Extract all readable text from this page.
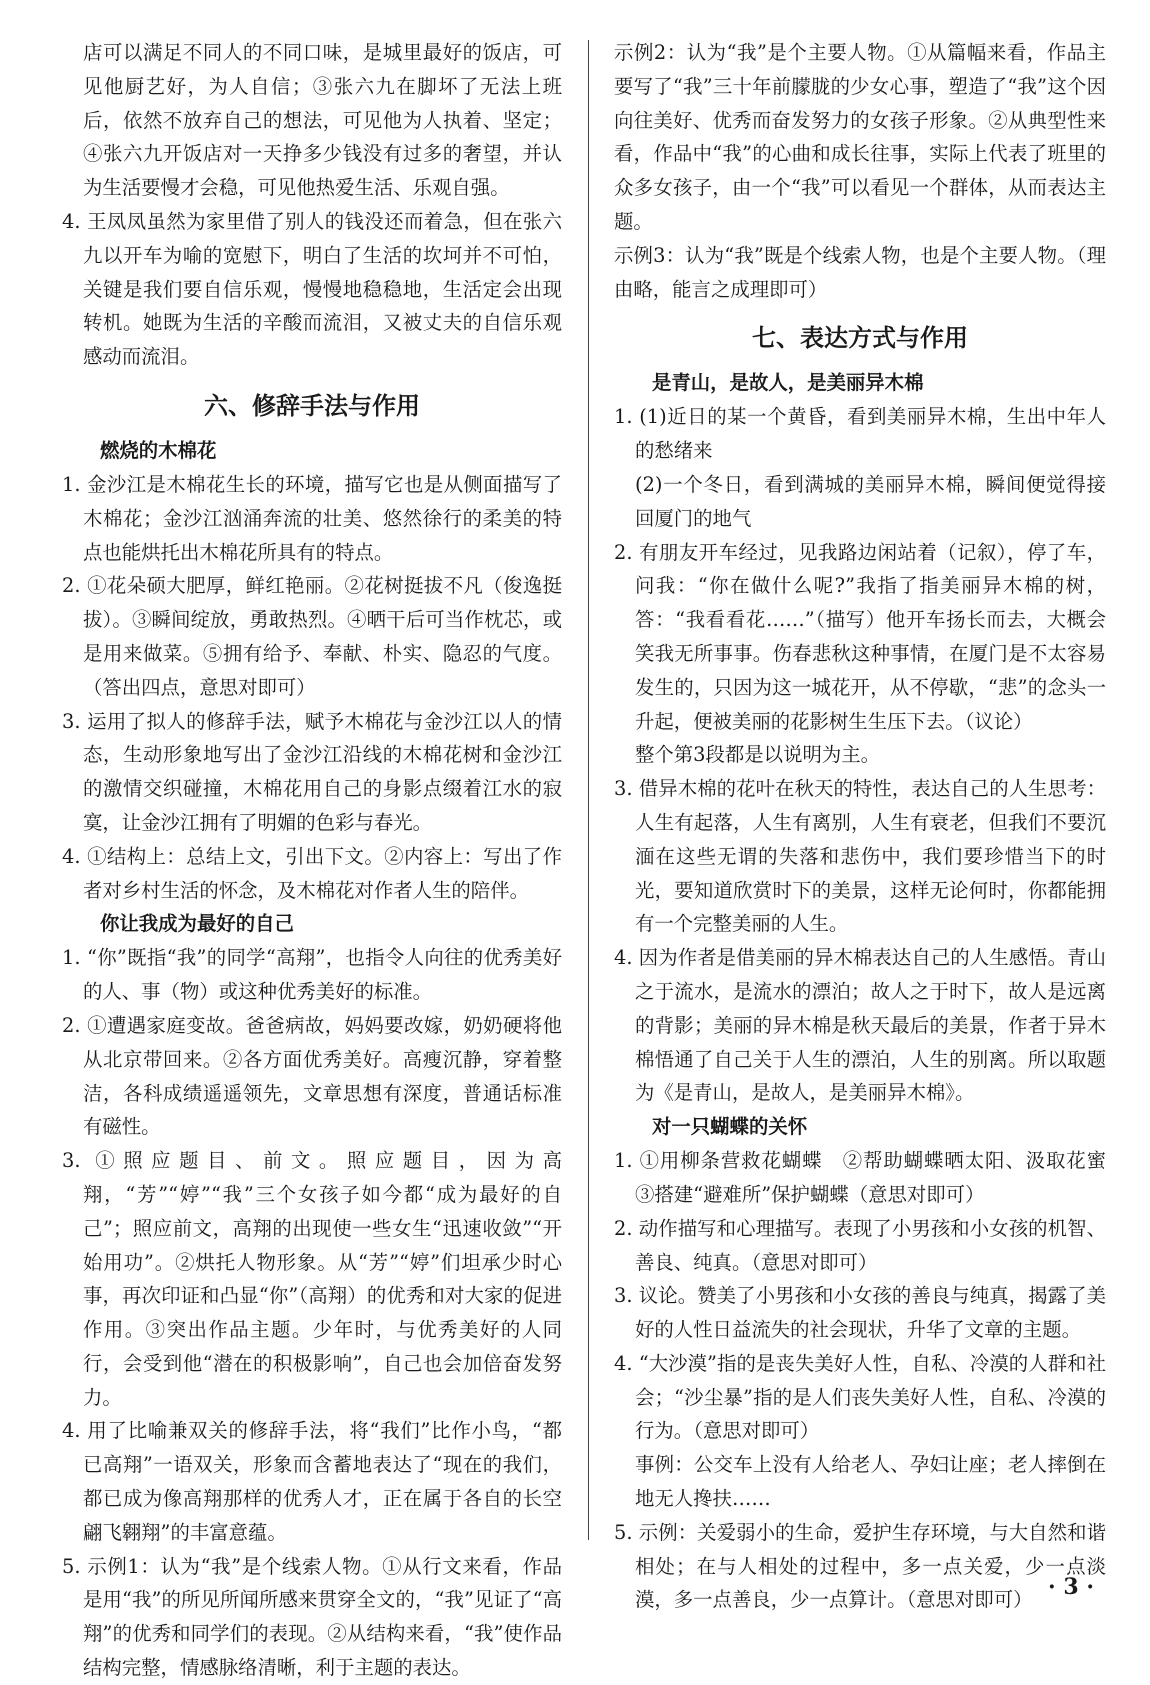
店可以满足不同人的不同口味，是城里最好的饭店，可见他厨艺好，为人自信；③张六九在脚坏了无法上班后，依然不放弃自己的想法，可见他为人执着、坚定；④张六九开饭店对一天挣多少钱没有过多的奢望，并认为生活要慢才会稳，可见他热爱生活、乐观自强。

4. 王凤凤虽然为家里借了别人的钱没还而着急，但在张六九以开车为喻的宽慰下，明白了生活的坎坷并不可怕，关键是我们要自信乐观，慢慢地稳稳地，生活定会出现转机。她既为生活的辛酸而流泪，又被丈夫的自信乐观感动而流泪。

六、修辞手法与作用
燃烧的木棉花

1. 金沙江是木棉花生长的环境，描写它也是从侧面描写了木棉花；金沙江汹涌奔流的壮美、悠然徐行的柔美的特点也能烘托出木棉花所具有的特点。

2. ①花朵硕大肥厚，鲜红艳丽。②花树挺拔不凡（俊逸挺拔）。③瞬间绽放，勇敢热烈。④晒干后可当作枕芯，或是用来做菜。⑤拥有给予、奉献、朴实、隐忍的气度。（答出四点，意思对即可）

3. 运用了拟人的修辞手法，赋予木棉花与金沙江以人的情态，生动形象地写出了金沙江沿线的木棉花树和金沙江的激情交织碰撞，木棉花用自己的身影点缀着江水的寂寞，让金沙江拥有了明媚的色彩与春光。

4. ①结构上：总结上文，引出下文。②内容上：写出了作者对乡村生活的怀念，及木棉花对作者人生的陪伴。

你让我成为最好的自己

1. “你”既指“我”的同学“高翔”，也指令人向往的优秀美好的人、事（物）或这种优秀美好的标准。

2. ①遭遇家庭变故。爸爸病故，妈妈要改嫁，奶奶硬将他从北京带回来。②各方面优秀美好。高瘦沉静，穿着整洁，各科成绩遥遥领先，文章思想有深度，普通话标准有磁性。

3. ①照应题目、前文。照应题目，因为高翔，“芳”“婷”“我”三个女孩子如今都“成为最好的自己”；照应前文，高翔的出现使一些女生“迅速收敛”“开始用功”。②烘托人物形象。从“芳”“婷”们坦承少时心事，再次印证和凸显“你”（高翔）的优秀和对大家的促进作用。③突出作品主题。少年时，与优秀美好的人同行，会受到他“潜在的积极影响”，自己也会加倍奋发努力。

4. 用了比喻兼双关的修辞手法，将“我们”比作小鸟，“都已高翔”一语双关，形象而含蓄地表达了“现在的我们，都已成为像高翔那样的优秀人才，正在属于各自的长空翩飞翱翔”的丰富意蕴。

5. 示例1：认为“我”是个线索人物。①从行文来看，作品是用“我”的所见所闻所感来贯穿全文的，“我”见证了“高翔”的优秀和同学们的表现。②从结构来看，“我”使作品结构完整，情感脉络清晰，利于主题的表达。

示例2：认为“我”是个主要人物。①从篇幅来看，作品主要写了“我”三十年前朦胧的少女心事，塑造了“我”这个因向往美好、优秀而奋发努力的女孩子形象。②从典型性来看，作品中“我”的心曲和成长往事，实际上代表了班里的众多女孩子，由一个“我”可以看见一个群体，从而表达主题。

示例3：认为“我”既是个线索人物，也是个主要人物。（理由略，能言之成理即可）

七、表达方式与作用
是青山，是故人，是美丽异木棉

1. (1)近日的某一个黄昏，看到美丽异木棉，生出中年人的愁绪来

(2)一个冬日，看到满城的美丽异木棉，瞬间便觉得接回厦门的地气

2. 有朋友开车经过，见我路边闲站着（记叙），停了车，问我：“你在做什么呢?”我指了指美丽异木棉的树，答：“我看看花……”（描写）他开车扬长而去，大概会笑我无所事事。伤春悲秋这种事情，在厦门是不太容易发生的，只因为这一城花开，从不停歇，“悲”的念头一升起，便被美丽的花影树生生压下去。（议论）

整个第3段都是以说明为主。

3. 借异木棉的花叶在秋天的特性，表达自己的人生思考：人生有起落，人生有离别，人生有衰老，但我们不要沉湎在这些无谓的失落和悲伤中，我们要珍惜当下的时光，要知道欣赏时下的美景，这样无论何时，你都能拥有一个完整美丽的人生。

4. 因为作者是借美丽的异木棉表达自己的人生感悟。青山之于流水，是流水的漂泊；故人之于时下，故人是远离的背影；美丽的异木棉是秋天最后的美景，作者于异木棉悟通了自己关于人生的漂泊，人生的别离。所以取题为《是青山，是故人，是美丽异木棉》。

对一只蝴蝶的关怀

1. ①用柳条营救花蝴蝶　②帮助蝴蝶晒太阳、汲取花蜜　③搭建“避难所”保护蝴蝶（意思对即可）

2. 动作描写和心理描写。表现了小男孩和小女孩的机智、善良、纯真。（意思对即可）

3. 议论。赞美了小男孩和小女孩的善良与纯真，揭露了美好的人性日益流失的社会现状，升华了文章的主题。

4. “大沙漠”指的是丧失美好人性，自私、冷漠的人群和社会；“沙尘暴”指的是人们丧失美好人性，自私、冷漠的行为。（意思对即可）

事例：公交车上没有人给老人、孕妇让座；老人摔倒在地无人搀扶……

5. 示例：关爱弱小的生命，爱护生存环境，与大自然和谐相处；在与人相处的过程中，多一点关爱，少一点淡漠，多一点善良，少一点算计。（意思对即可） · 3 ·
